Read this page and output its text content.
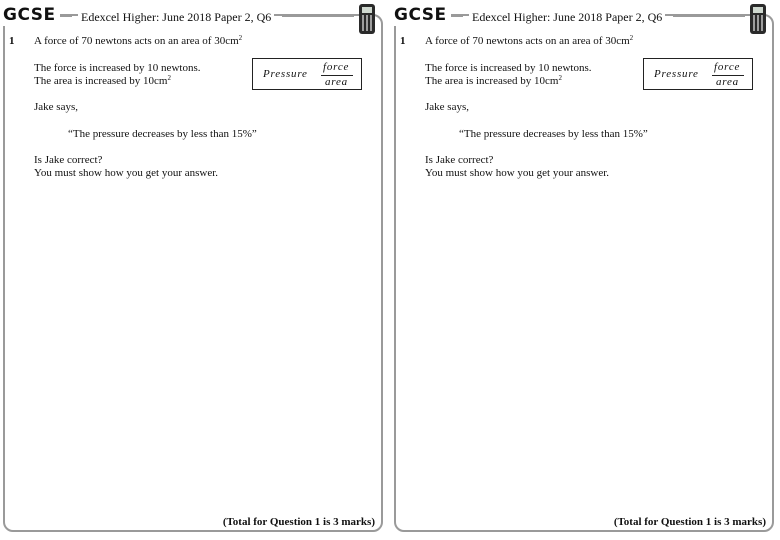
GCSE	Edexcel Higher: June 2018 Paper 2, Q6
1 A force of 70 newtons acts on an area of $30cm^2$
The force is increased by 10 newtons.
The area is increased by $10cm^2$
Jake says,
“The pressure decreases by less than 15%”
Is Jake correct?
You must show how you get your answer.
Pressure
force
area
(Total for Question 1 is 3 marks)
GCSE	Edexcel Higher: June 2018 Paper 2, Q6
1 A force of 70 newtons acts on an area of $30cm^2$
The force is increased by 10 newtons.
The area is increased by $10cm^2$
Jake says,
“The pressure decreases by less than 15%”
Is Jake correct?
You must show how you get your answer.
Pressure
force
area
(Total for Question 1 is 3 marks)
